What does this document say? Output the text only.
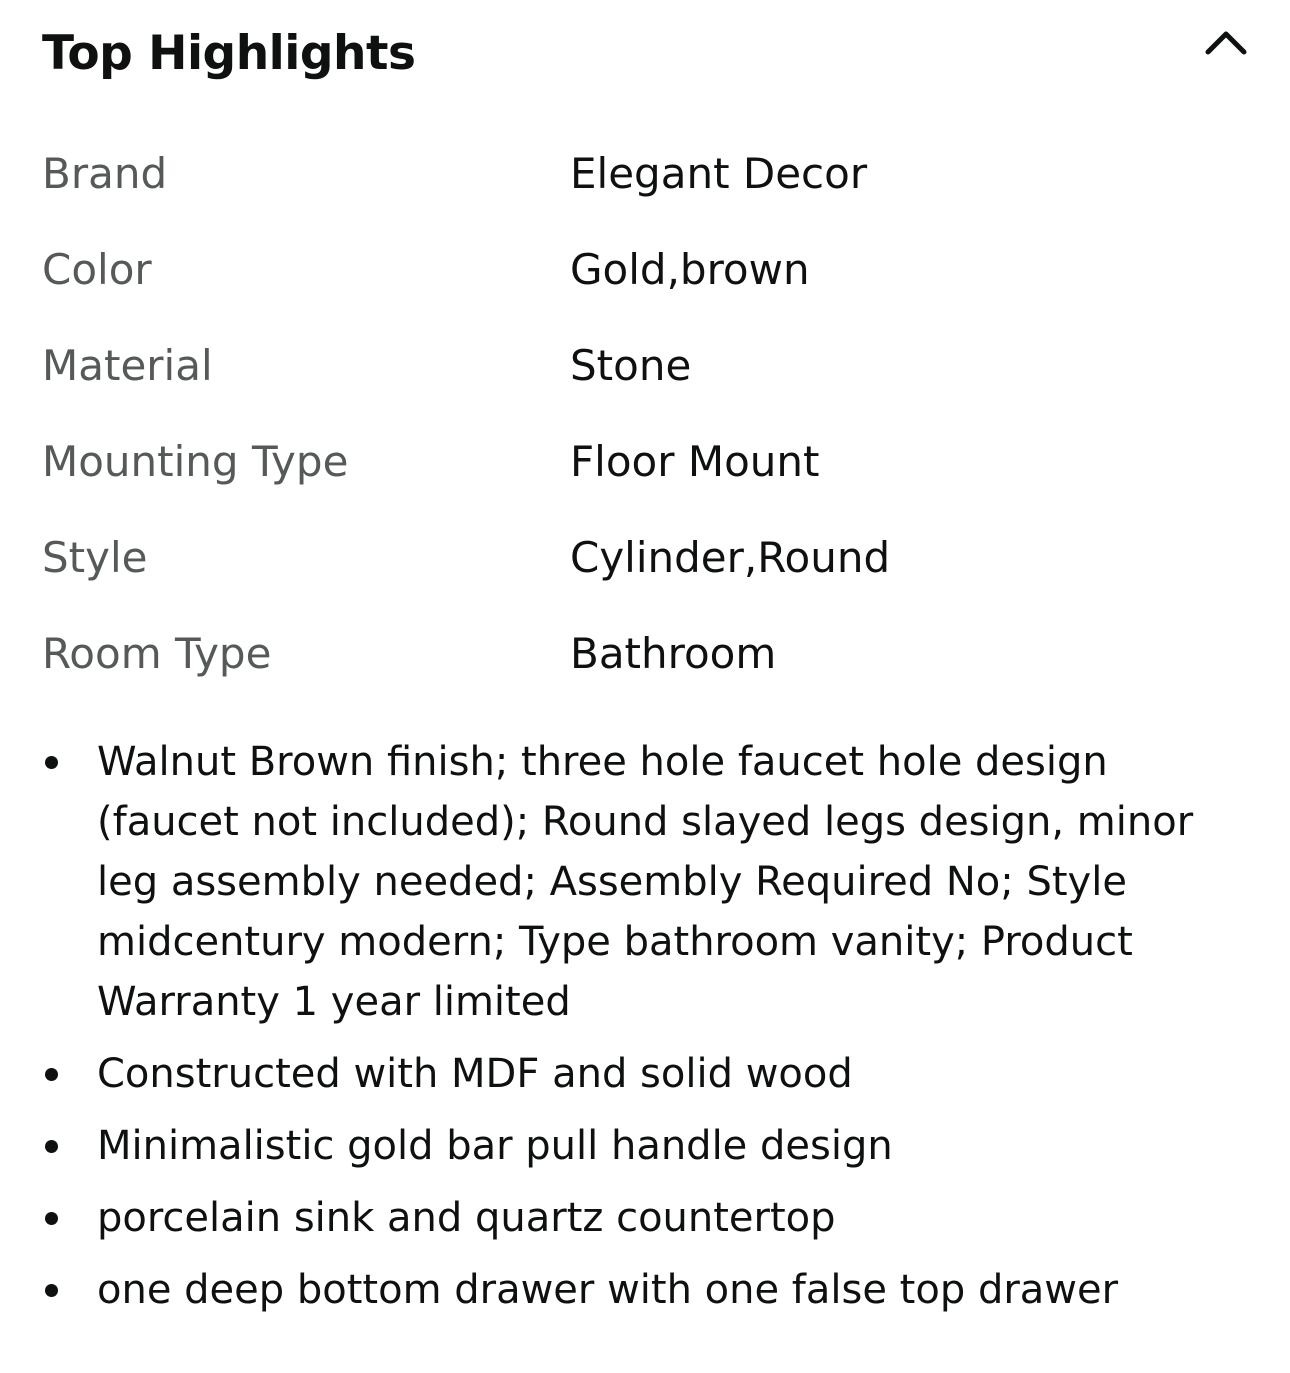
Top Highlights
Brand	Elegant Decor
Color	Gold,brown
Material	Stone
Mounting Type	Floor Mount
Style	Cylinder,Round
Room Type	Bathroom
Walnut Brown finish; three hole faucet hole design (faucet not included); Round slayed legs design, minor leg assembly needed; Assembly Required No; Style midcentury modern; Type bathroom vanity; Product Warranty 1 year limited
Constructed with MDF and solid wood
Minimalistic gold bar pull handle design
porcelain sink and quartz countertop
one deep bottom drawer with one false top drawer
